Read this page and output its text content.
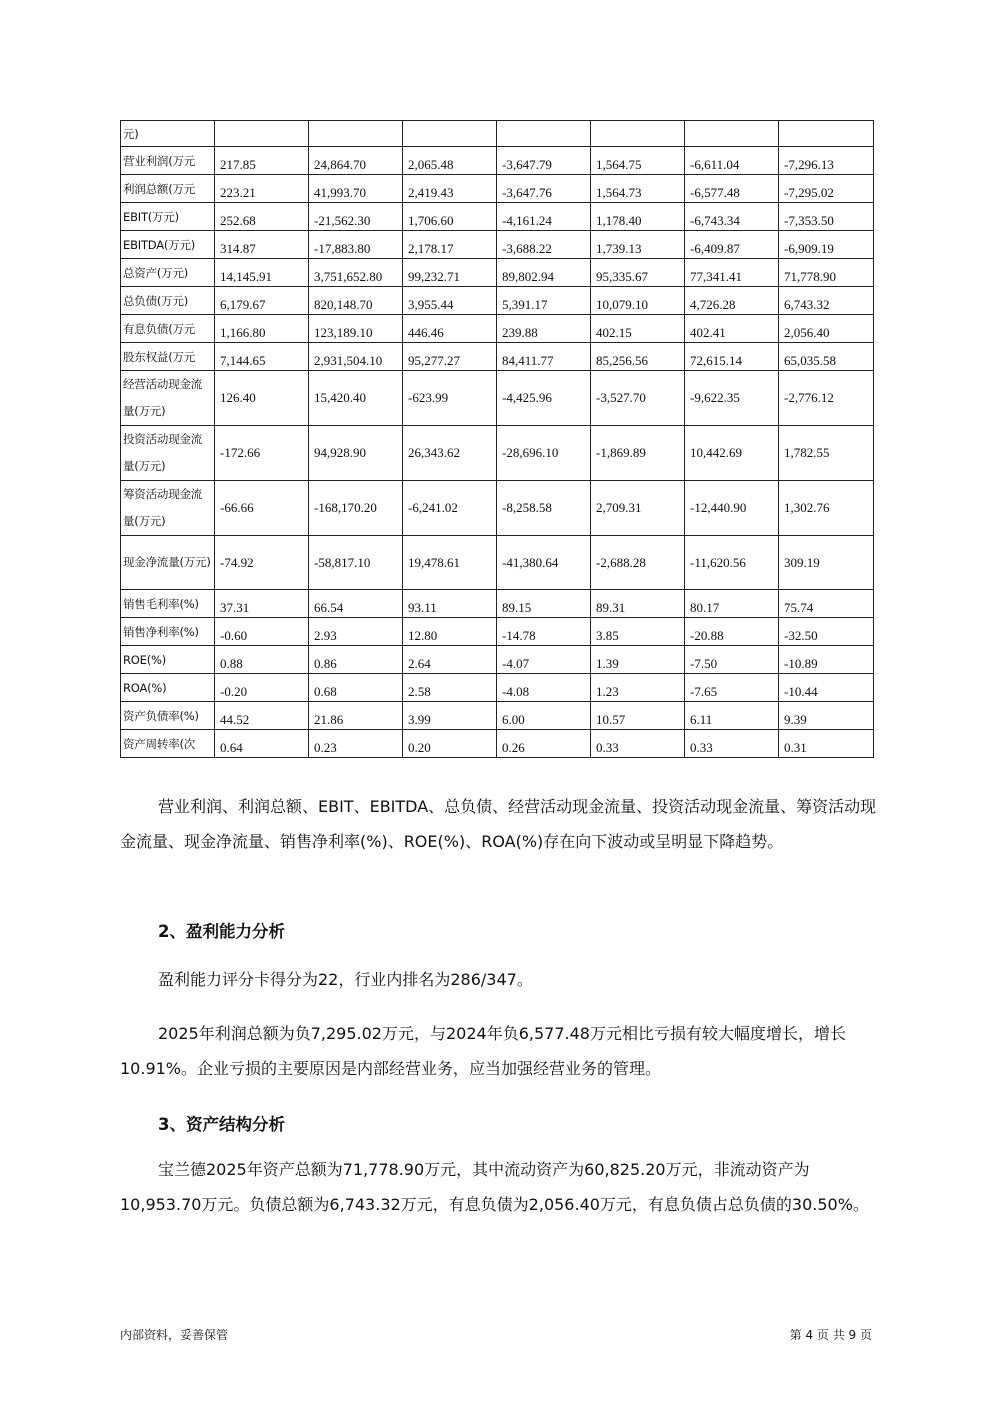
元)							
营业利润(万元	217.85	24,864.70	2,065.48	-3,647.79	1,564.75	-6,611.04	-7,296.13
利润总额(万元	223.21	41,993.70	2,419.43	-3,647.76	1,564.73	-6,577.48	-7,295.02
EBIT(万元)	252.68	-21,562.30	1,706.60	-4,161.24	1,178.40	-6,743.34	-7,353.50
EBITDA(万元)	314.87	-17,883.80	2,178.17	-3,688.22	1,739.13	-6,409.87	-6,909.19
总资产(万元)	14,145.91	3,751,652.80	99,232.71	89,802.94	95,335.67	77,341.41	71,778.90
总负债(万元)	6,179.67	820,148.70	3,955.44	5,391.17	10,079.10	4,726.28	6,743.32
有息负债(万元	1,166.80	123,189.10	446.46	239.88	402.15	402.41	2,056.40
股东权益(万元	7,144.65	2,931,504.10	95,277.27	84,411.77	85,256.56	72,615.14	65,035.58
经营活动现金流量(万元)	126.40	15,420.40	-623.99	-4,425.96	-3,527.70	-9,622.35	-2,776.12
投资活动现金流量(万元)	-172.66	94,928.90	26,343.62	-28,696.10	-1,869.89	10,442.69	1,782.55
筹资活动现金流量(万元)	-66.66	-168,170.20	-6,241.02	-8,258.58	2,709.31	-12,440.90	1,302.76
现金净流量(万元)	-74.92	-58,817.10	19,478.61	-41,380.64	-2,688.28	-11,620.56	309.19
销售毛利率(%)	37.31	66.54	93.11	89.15	89.31	80.17	75.74
销售净利率(%)	-0.60	2.93	12.80	-14.78	3.85	-20.88	-32.50
ROE(%)	0.88	0.86	2.64	-4.07	1.39	-7.50	-10.89
ROA(%)	-0.20	0.68	2.58	-4.08	1.23	-7.65	-10.44
资产负债率(%)	44.52	21.86	3.99	6.00	10.57	6.11	9.39
资产周转率(次	0.64	0.23	0.20	0.26	0.33	0.33	0.31
营业利润、利润总额、EBIT、EBITDA、总负债、经营活动现金流量、投资活动现金流量、筹资活动现金流量、现金净流量、销售净利率(%)、ROE(%)、ROA(%)存在向下波动或呈明显下降趋势。
2、盈利能力分析
盈利能力评分卡得分为22，行业内排名为286/347。
2025年利润总额为负7,295.02万元，与2024年负6,577.48万元相比亏损有较大幅度增长，增长10.91%。企业亏损的主要原因是内部经营业务，应当加强经营业务的管理。
3、资产结构分析
宝兰德2025年资产总额为71,778.90万元，其中流动资产为60,825.20万元，非流动资产为10,953.70万元。负债总额为6,743.32万元，有息负债为2,056.40万元，有息负债占总负债的30.50%。
内部资料，妥善保管	第 4 页 共 9 页
